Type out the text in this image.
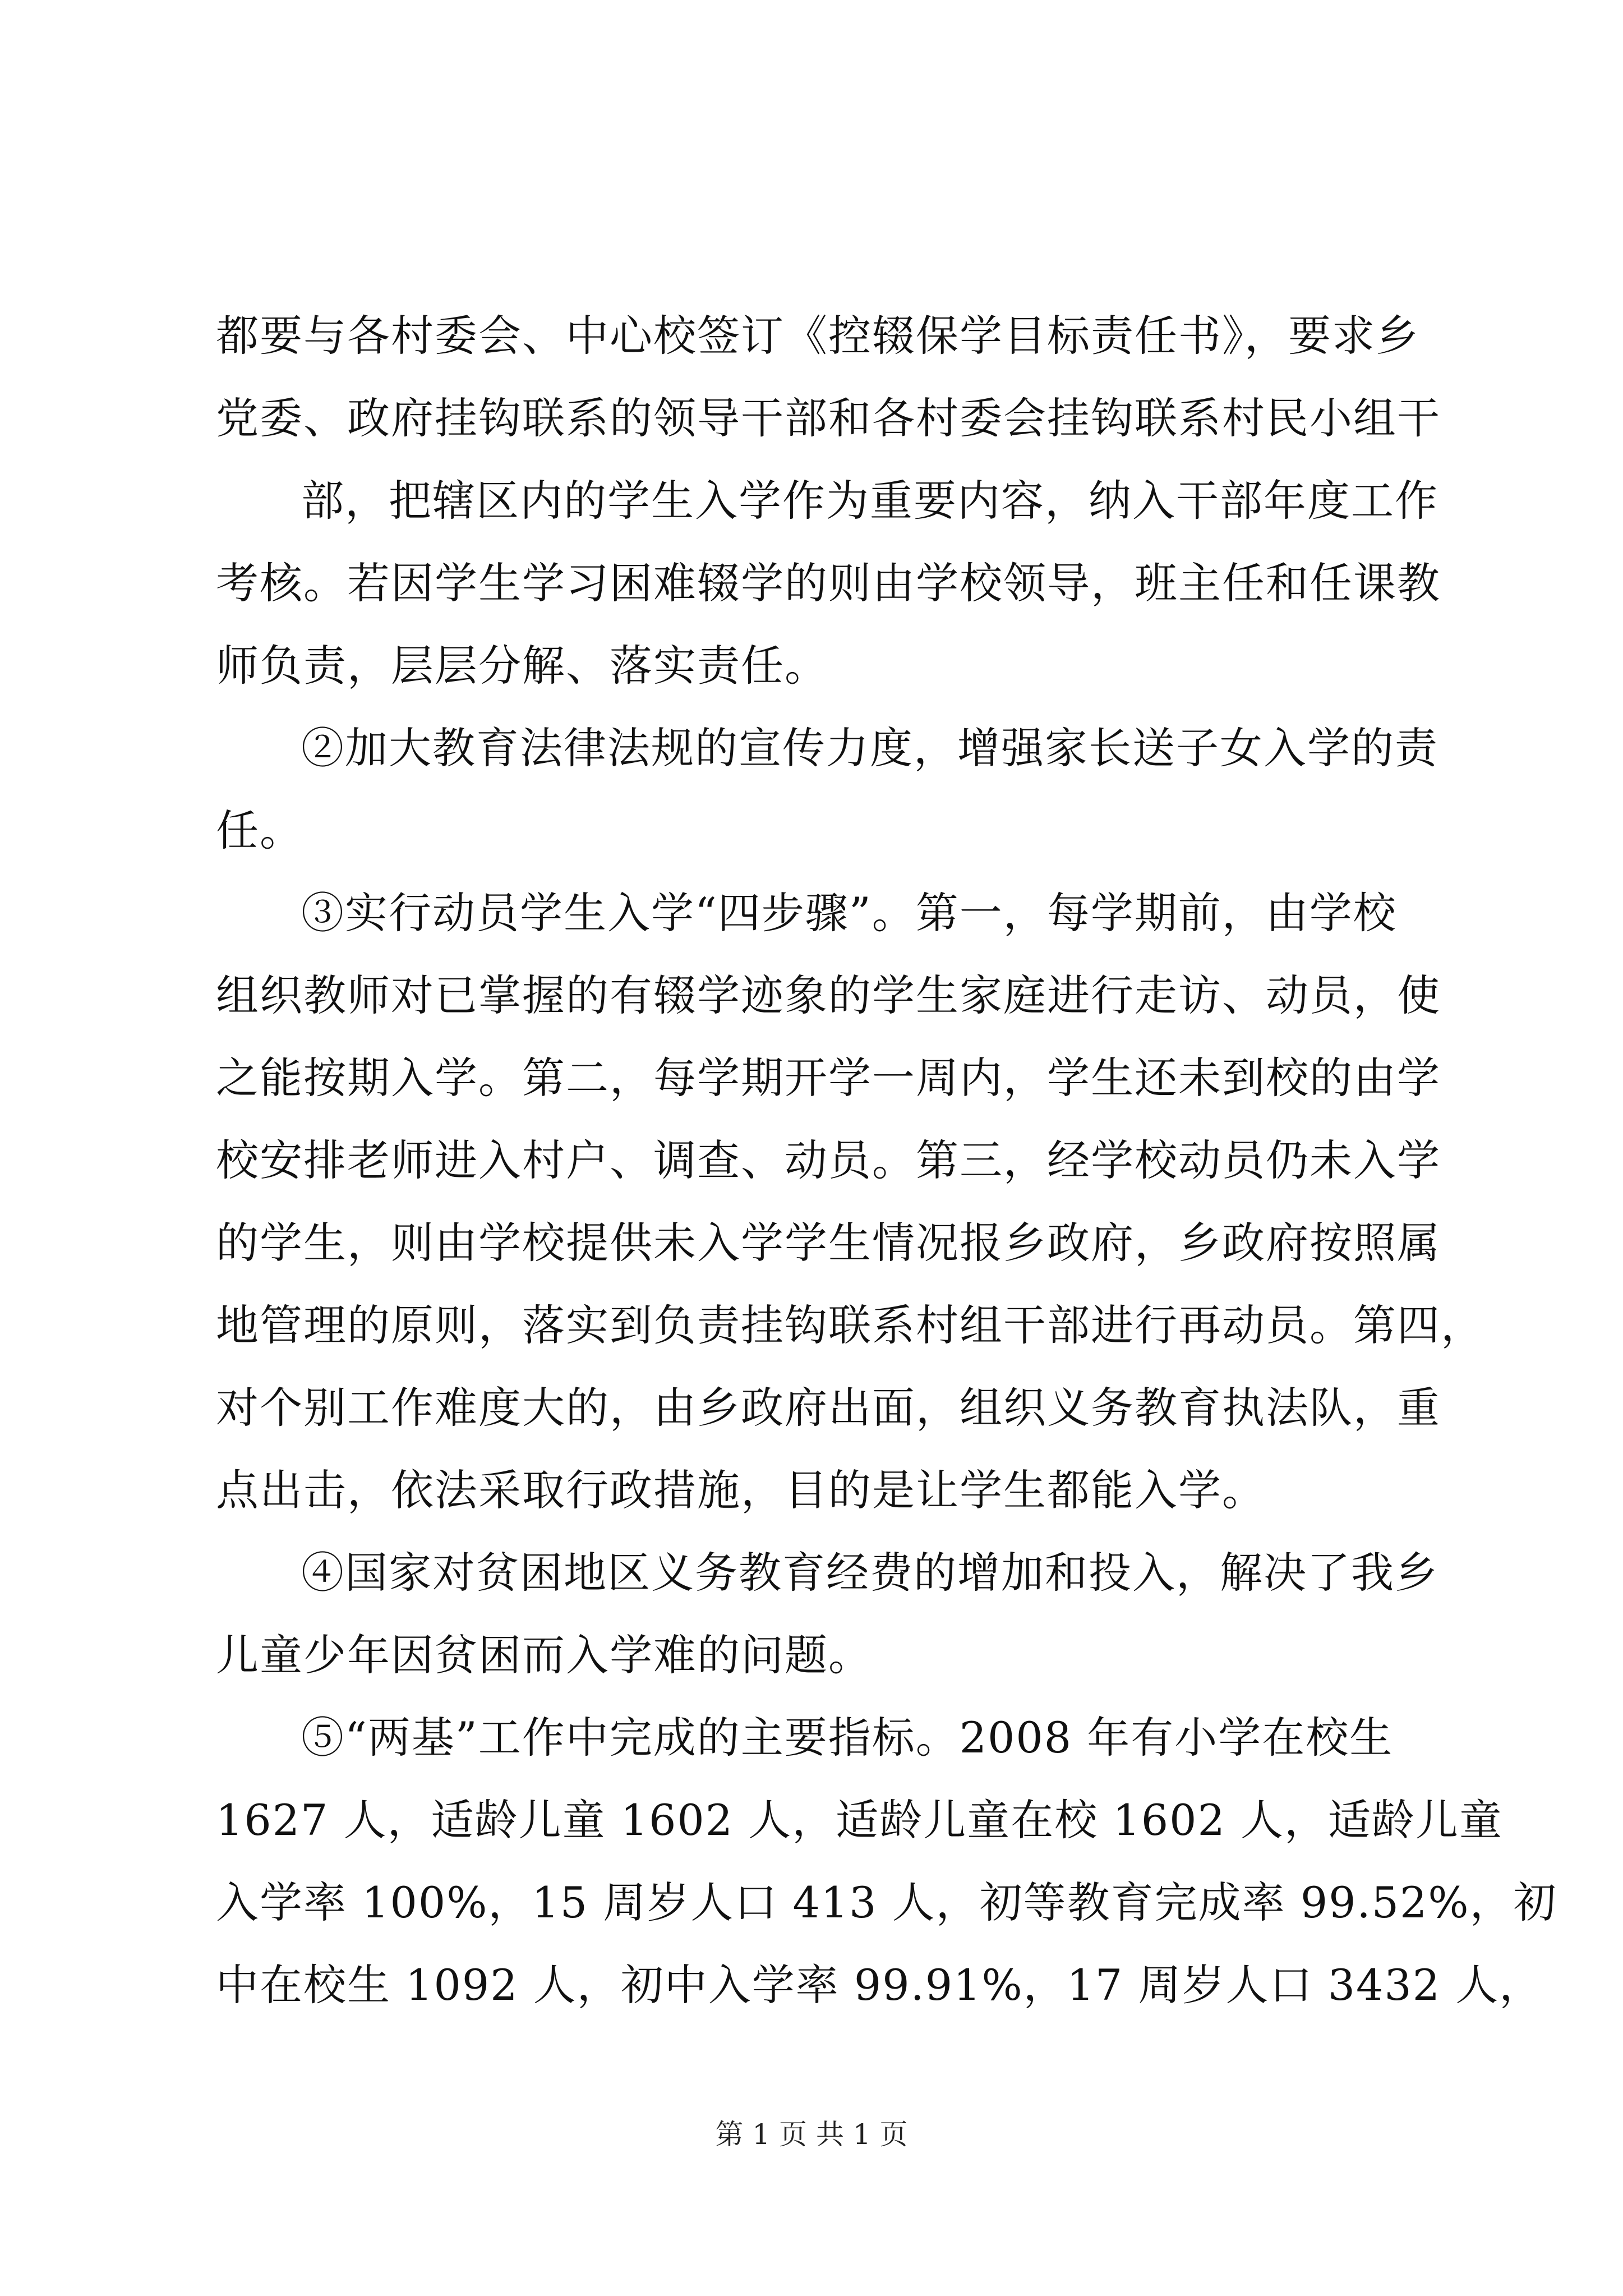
都要与各村委会、中心校签订《控辍保学目标责任书》，要求乡
党委、政府挂钩联系的领导干部和各村委会挂钩联系村民小组干
部，把辖区内的学生入学作为重要内容，纳入干部年度工作
考核。若因学生学习困难辍学的则由学校领导，班主任和任课教
师负责，层层分解、落实责任。
②加大教育法律法规的宣传力度，增强家长送子女入学的责
任。
③实行动员学生入学“四步骤”。第一，每学期前，由学校
组织教师对已掌握的有辍学迹象的学生家庭进行走访、动员，使
之能按期入学。第二，每学期开学一周内，学生还未到校的由学
校安排老师进入村户、调查、动员。第三，经学校动员仍未入学
的学生，则由学校提供未入学学生情况报乡政府，乡政府按照属
地管理的原则，落实到负责挂钩联系村组干部进行再动员。第四，
对个别工作难度大的，由乡政府出面，组织义务教育执法队，重
点出击，依法采取行政措施，目的是让学生都能入学。
④国家对贫困地区义务教育经费的增加和投入，解决了我乡
儿童少年因贫困而入学难的问题。
⑤“两基”工作中完成的主要指标。2008 年有小学在校生
1627 人，适龄儿童 1602 人，适龄儿童在校 1602 人，适龄儿童
入学率 100%，15 周岁人口 413 人，初等教育完成率 99.52%，初
中在校生 1092 人，初中入学率 99.91%，17 周岁人口 3432 人，
第 1 页 共 1 页
